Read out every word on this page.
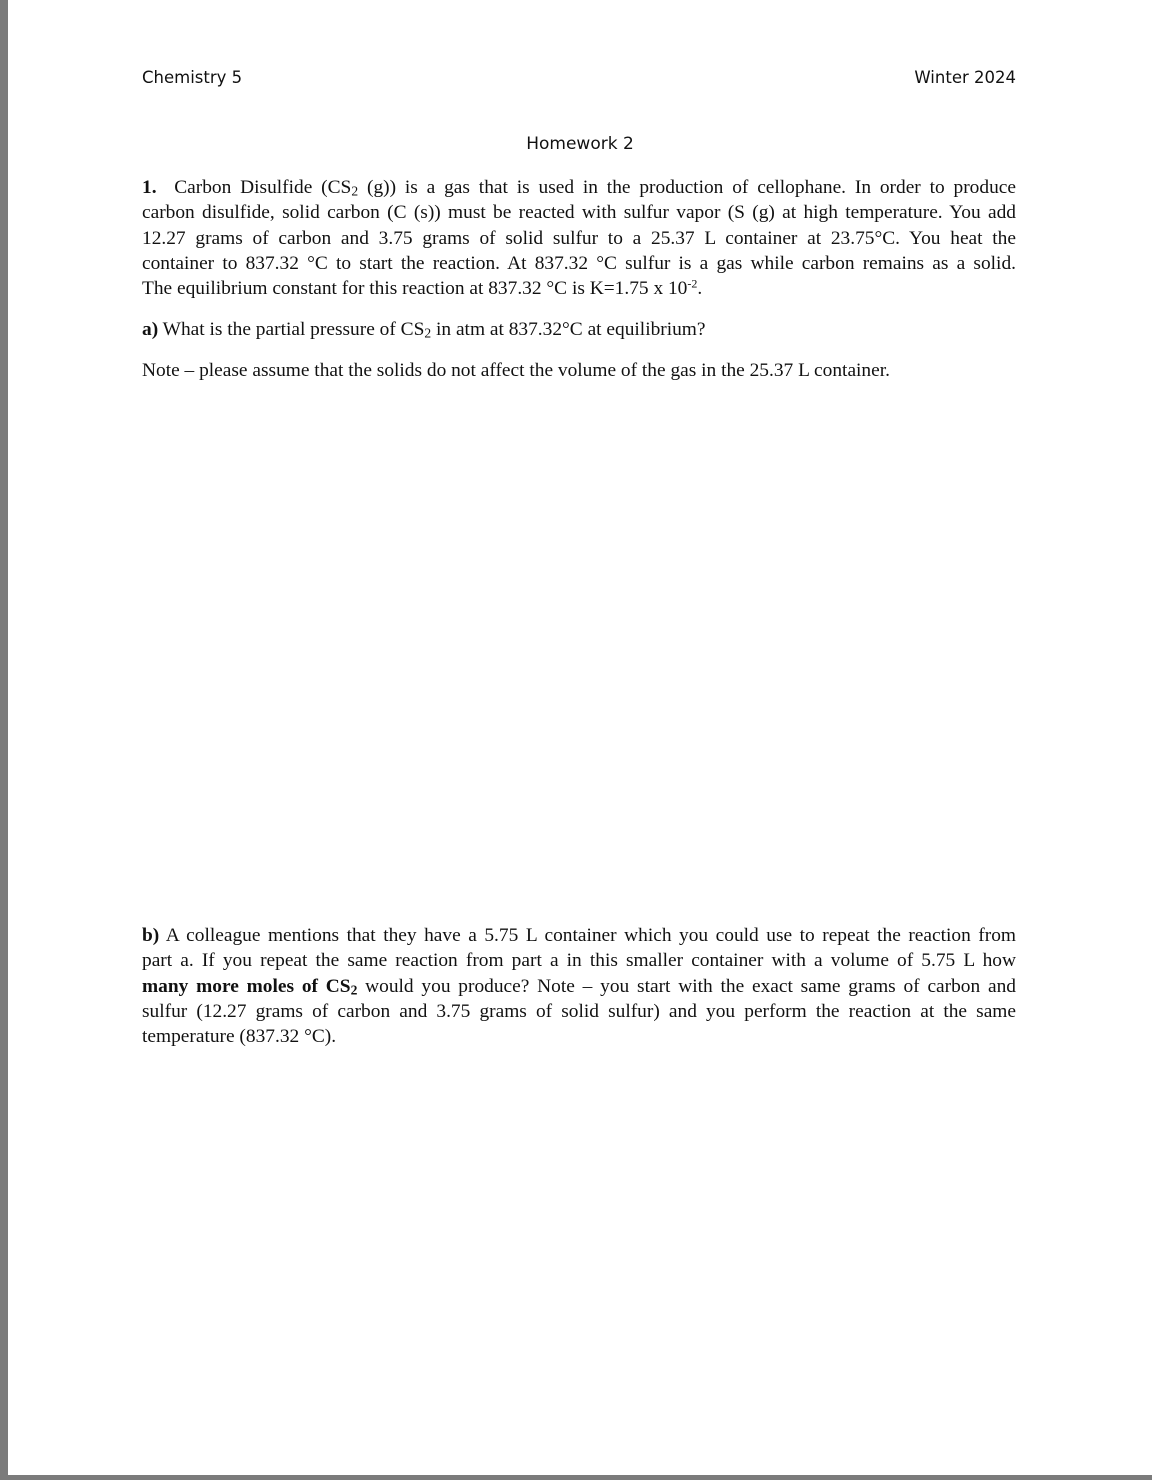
Chemistry 5	Winter 2024
Homework 2
1. Carbon Disulfide ($CS_2$ (g)) is a gas that is used in the production of cellophane. In order to produce
carbon disulfide, solid carbon (C (s)) must be reacted with sulfur vapor (S (g) at high temperature. You add
12.27 grams of carbon and 3.75 grams of solid sulfur to a 25.37 L container at 23.75°C. You heat the
container to 837.32 °C to start the reaction. At 837.32 °C sulfur is a gas while carbon remains as a solid.
The equilibrium constant for this reaction at 837.32 °C is K=1.75 x $10^{-2}$.
a) What is the partial pressure of $CS_2$ in atm at 837.32°C at equilibrium?
Note – please assume that the solids do not affect the volume of the gas in the 25.37 L container.
b) A colleague mentions that they have a 5.75 L container which you could use to repeat the reaction from
part a. If you repeat the same reaction from part a in this smaller container with a volume of 5.75 L how
many more moles of $CS_2$ would you produce? Note – you start with the exact same grams of carbon and
sulfur (12.27 grams of carbon and 3.75 grams of solid sulfur) and you perform the reaction at the same
temperature (837.32 °C).
